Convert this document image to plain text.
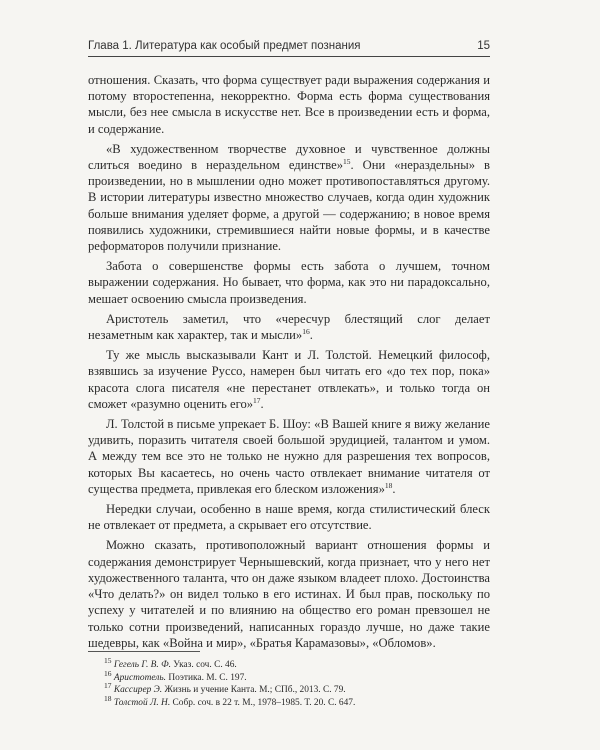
Глава 1. Литература как особый предмет познания	15

отношения. Сказать, что форма существует ради выражения содержания и потому второстепенна, некорректно. Форма есть форма существования мысли, без нее смысла в искусстве нет. Все в произведении есть и форма, и содержание.

«В художественном творчестве духовное и чувственное должны слиться воедино в нераздельном единстве»$^{15}$. Они «нераздельны» в произведении, но в мышлении одно может противопоставляться другому. В истории литературы известно множество случаев, когда один художник больше внимания уделяет форме, а другой — содержанию; в новое время появились художники, стремившиеся найти новые формы, и в качестве реформаторов получили признание.

Забота о совершенстве формы есть забота о лучшем, точном выражении содержания. Но бывает, что форма, как это ни парадоксально, мешает освоению смысла произведения.

Аристотель заметил, что «чересчур блестящий слог делает незаметным как характер, так и мысли»$^{16}$.

Ту же мысль высказывали Кант и Л. Толстой. Немецкий философ, взявшись за изучение Руссо, намерен был читать его «до тех пор, пока» красота слога писателя «не перестанет отвлекать», и только тогда он сможет «разумно оценить его»$^{17}$.

Л. Толстой в письме упрекает Б. Шоу: «В Вашей книге я вижу желание удивить, поразить читателя своей большой эрудицией, талантом и умом. А между тем все это не только не нужно для разрешения тех вопросов, которых Вы касаетесь, но очень часто отвлекает внимание читателя от существа предмета, привлекая его блеском изложения»$^{18}$.

Нередки случаи, особенно в наше время, когда стилистический блеск не отвлекает от предмета, а скрывает его отсутствие.

Можно сказать, противоположный вариант отношения формы и содержания демонстрирует Чернышевский, когда признает, что у него нет художественного таланта, что он даже языком владеет плохо. Достоинства «Что делать?» он видел только в его истинах. И был прав, поскольку по успеху у читателей и по влиянию на общество его роман превзошел не только сотни произведений, написанных гораздо лучше, но даже такие шедевры, как «Война и мир», «Братья Карамазовы», «Обломов».

$^{15}$ Гегель Г. В. Ф. Указ. соч. С. 46.
$^{16}$ Аристотель. Поэтика. М. С. 197.
$^{17}$ Кассирер Э. Жизнь и учение Канта. М.; СПб., 2013. С. 79.
$^{18}$ Толстой Л. Н. Собр. соч. в 22 т. М., 1978–1985. Т. 20. С. 647.
